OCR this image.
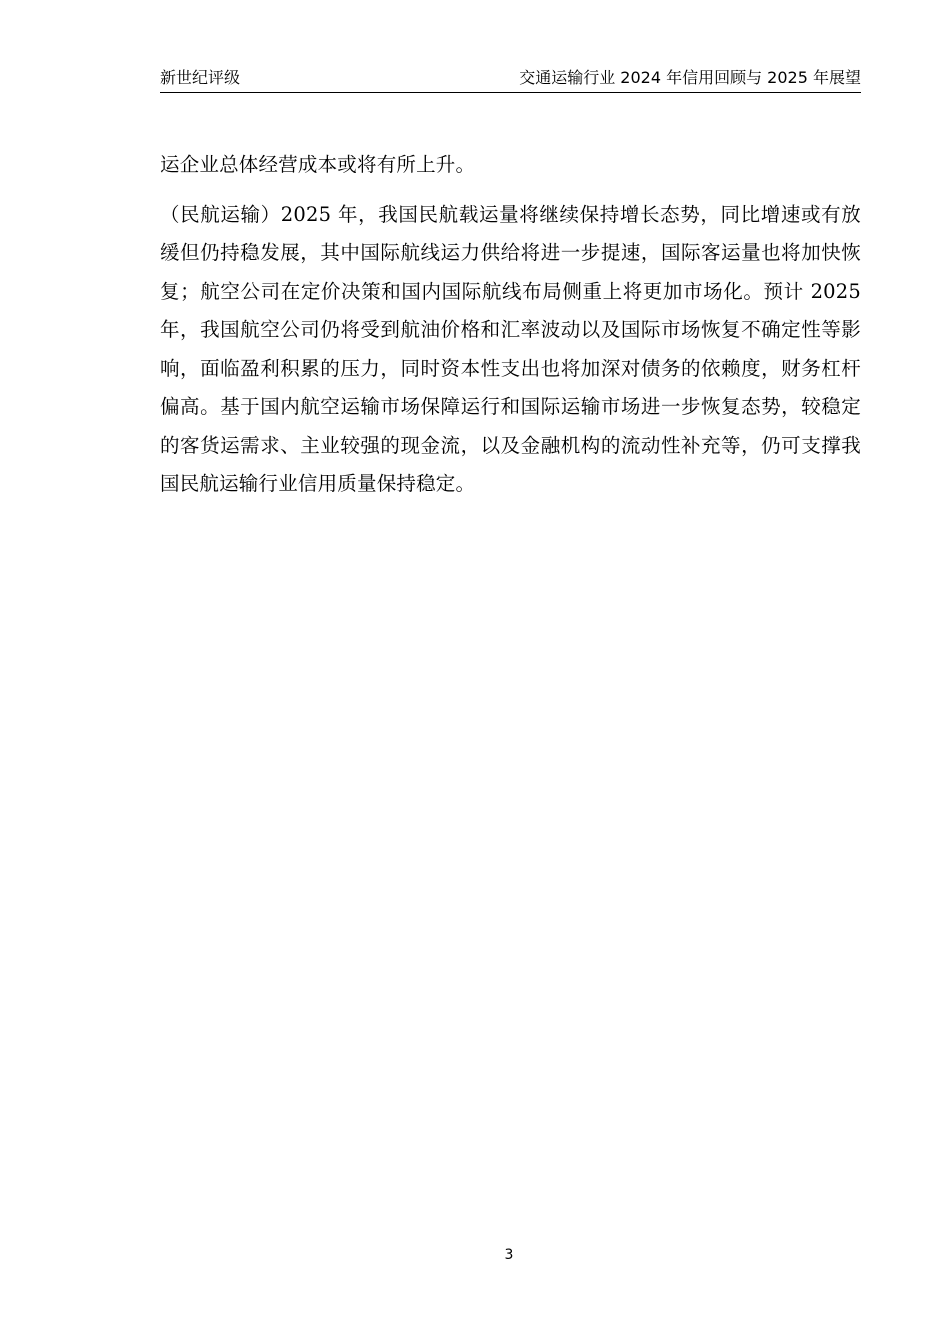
新世纪评级	交通运输行业 2024 年信用回顾与 2025 年展望

运企业总体经营成本或将有所上升。

（民航运输）2025 年，我国民航载运量将继续保持增长态势，同比增速或有放缓但仍持稳发展，其中国际航线运力供给将进一步提速，国际客运量也将加快恢复；航空公司在定价决策和国内国际航线布局侧重上将更加市场化。预计 2025 年，我国航空公司仍将受到航油价格和汇率波动以及国际市场恢复不确定性等影响，面临盈利积累的压力，同时资本性支出也将加深对债务的依赖度，财务杠杆偏高。基于国内航空运输市场保障运行和国际运输市场进一步恢复态势，较稳定的客货运需求、主业较强的现金流，以及金融机构的流动性补充等，仍可支撑我国民航运输行业信用质量保持稳定。

3
